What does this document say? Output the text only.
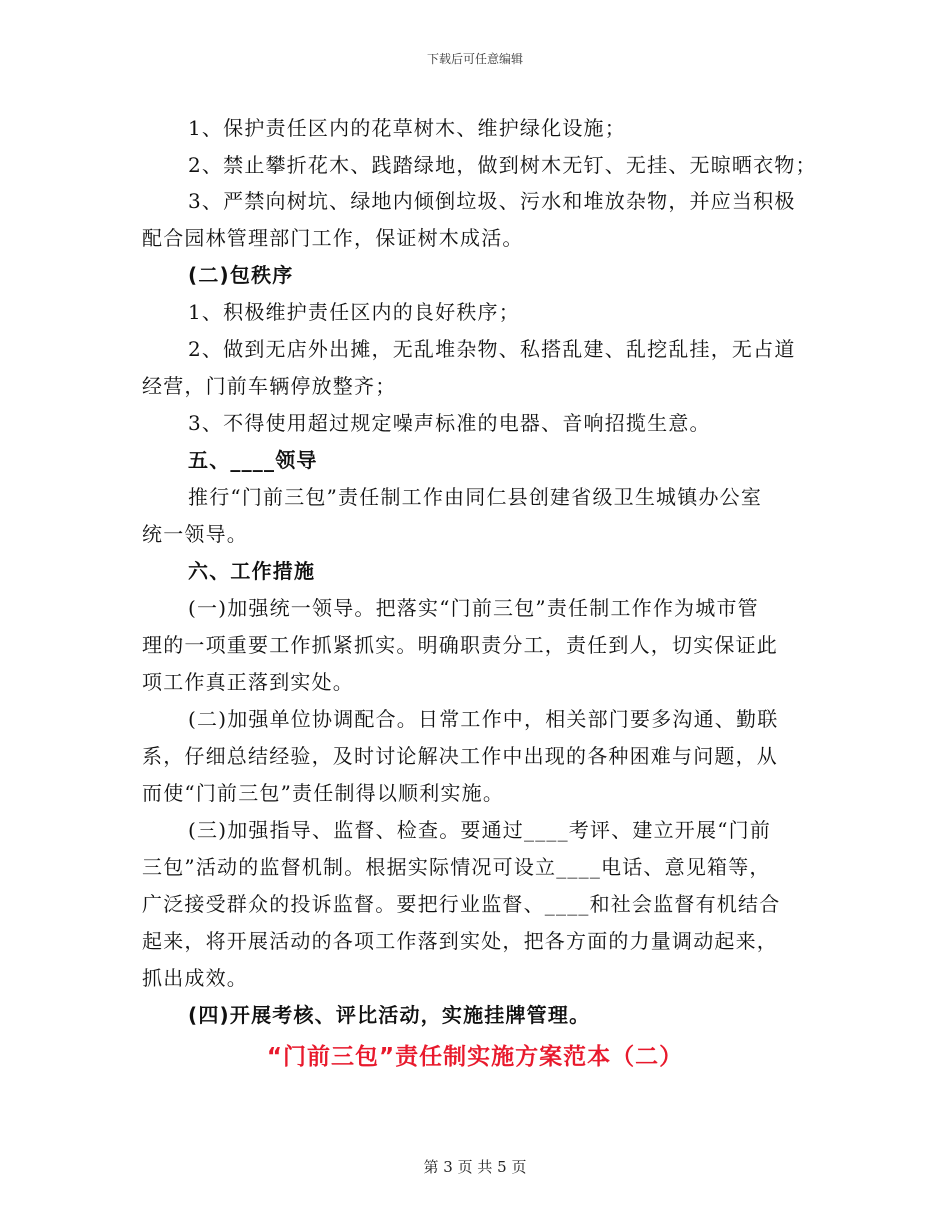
下载后可任意编辑
1、保护责任区内的花草树木、维护绿化设施；
2、禁止攀折花木、践踏绿地，做到树木无钉、无挂、无晾晒衣物；
3、严禁向树坑、绿地内倾倒垃圾、污水和堆放杂物，并应当积极
配合园林管理部门工作，保证树木成活。
(二)包秩序
1、积极维护责任区内的良好秩序；
2、做到无店外出摊，无乱堆杂物、私搭乱建、乱挖乱挂，无占道
经营，门前车辆停放整齐；
3、不得使用超过规定噪声标准的电器、音响招揽生意。
五、____领导
推行“门前三包”责任制工作由同仁县创建省级卫生城镇办公室
统一领导。
六、工作措施
(一)加强统一领导。把落实“门前三包”责任制工作作为城市管
理的一项重要工作抓紧抓实。明确职责分工，责任到人，切实保证此
项工作真正落到实处。
(二)加强单位协调配合。日常工作中，相关部门要多沟通、勤联
系，仔细总结经验，及时讨论解决工作中出现的各种困难与问题，从
而使“门前三包”责任制得以顺利实施。
(三)加强指导、监督、检查。要通过____考评、建立开展“门前
三包”活动的监督机制。根据实际情况可设立____电话、意见箱等，
广泛接受群众的投诉监督。要把行业监督、____和社会监督有机结合
起来，将开展活动的各项工作落到实处，把各方面的力量调动起来，
抓出成效。
(四)开展考核、评比活动，实施挂牌管理。
“门前三包”责任制实施方案范本（二）
第 3 页 共 5 页
